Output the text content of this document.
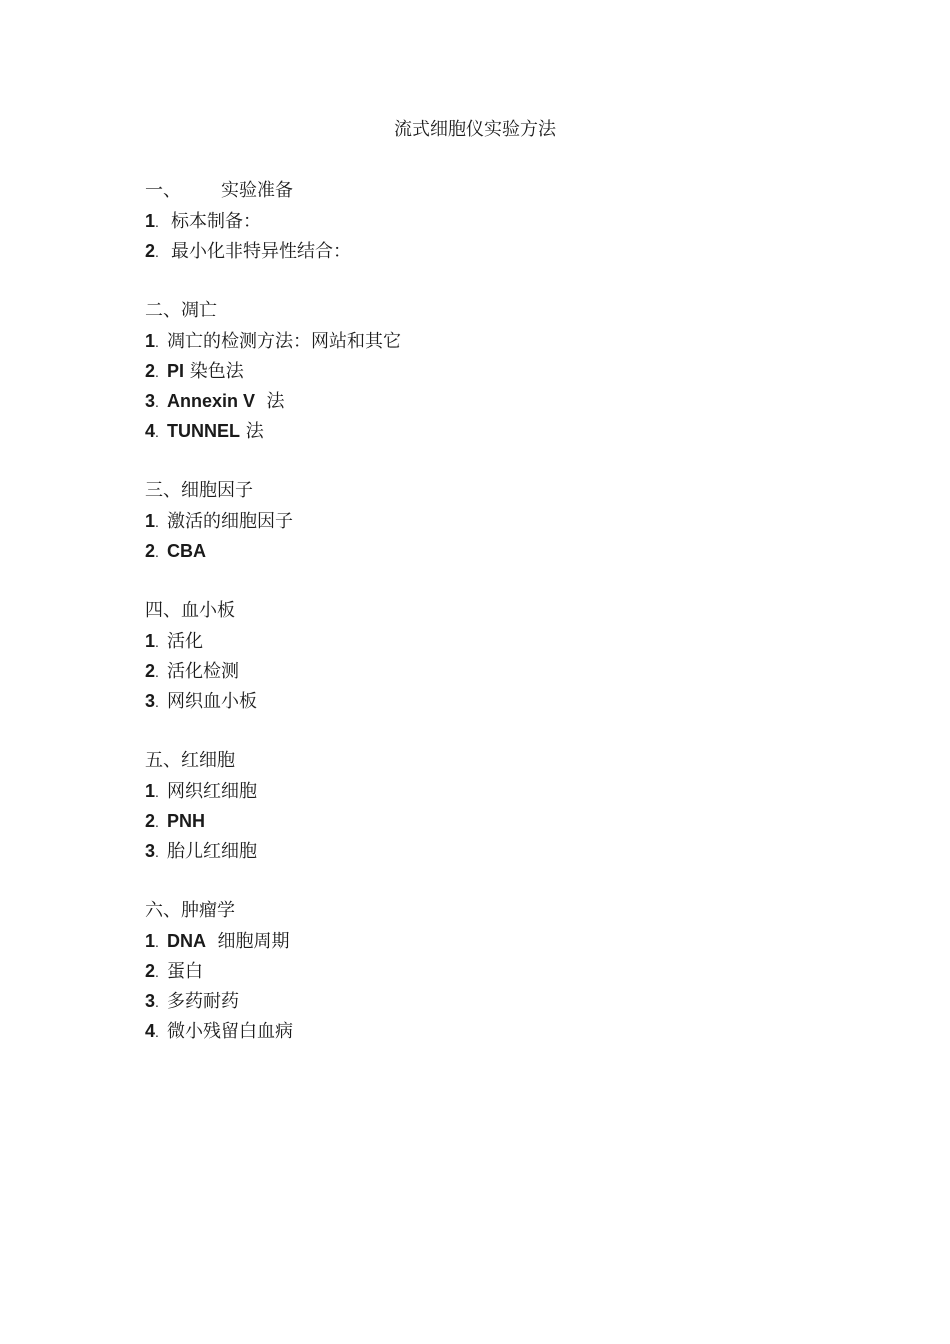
流式细胞仪实验方法
一、 实验准备
1. 标本制备：
2. 最小化非特异性结合：
二、凋亡
1. 凋亡的检测方法：网站和其它
2. PI 染色法
3. Annexin V 法
4. TUNNEL 法
三、细胞因子
1. 激活的细胞因子
2. CBA
四、血小板
1. 活化
2. 活化检测
3. 网织血小板
五、红细胞
1. 网织红细胞
2. PNH
3. 胎儿红细胞
六、肿瘤学
1. DNA 细胞周期
2. 蛋白
3. 多药耐药
4. 微小残留白血病
